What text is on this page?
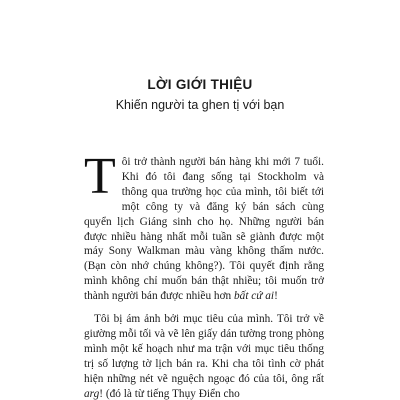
LỜI GIỚI THIỆU
Khiến người ta ghen tị với bạn

Tôi trở thành người bán hàng khi mới 7 tuổi. Khi đó tôi đang sống tại Stockholm và thông qua trường học của mình, tôi biết tới một công ty và đăng ký bán sách cùng quyển lịch Giáng sinh cho họ. Những người bán được nhiều hàng nhất mỗi tuần sẽ giành được một máy Sony Walkman màu vàng không thấm nước. (Bạn còn nhớ chúng không?). Tôi quyết định rằng mình không chỉ muốn bán thật nhiều; tôi muốn trở thành người bán được nhiều hơn bất cứ ai!

Tôi bị ám ảnh bởi mục tiêu của mình. Tôi trở về giường mỗi tối và vẽ lên giấy dán tường trong phòng mình một kế hoạch như ma trận với mục tiêu thống trị số lượng tờ lịch bán ra. Khi cha tôi tình cờ phát hiện những nét vẽ nguệch ngoạc đó của tôi, ông rất arg! (đó là từ tiếng Thụy Điển cho
